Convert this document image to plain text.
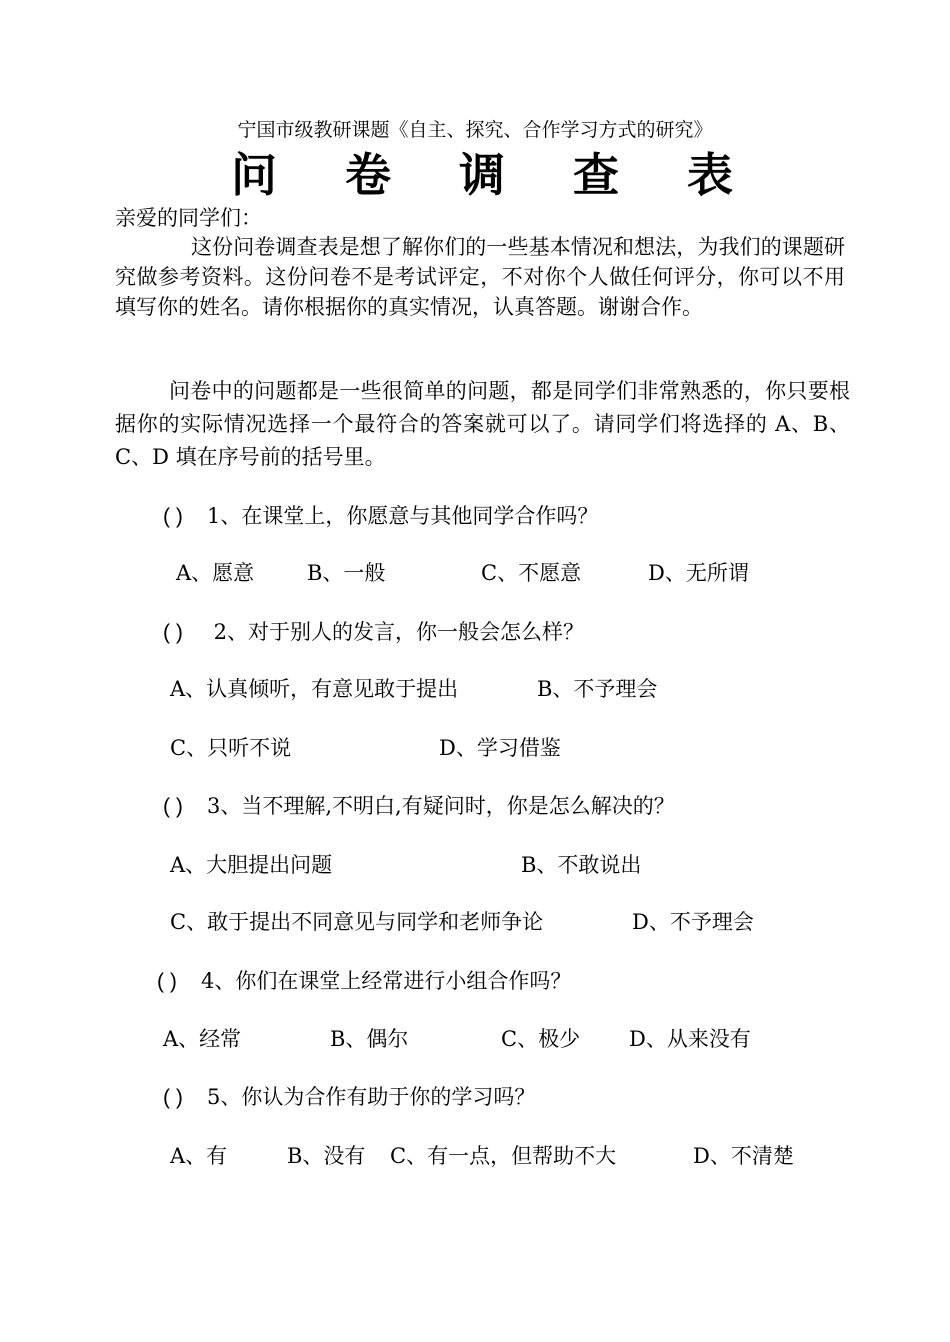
宁国市级教研课题《自主、探究、合作学习方式的研究》
问 卷 调 查 表
亲爱的同学们：
这份问卷调查表是想了解你们的一些基本情况和想法，为我们的课题研究做参考资料。这份问卷不是考试评定，不对你个人做任何评分，你可以不用填写你的姓名。请你根据你的真实情况，认真答题。谢谢合作。
问卷中的问题都是一些很简单的问题，都是同学们非常熟悉的，你只要根据你的实际情况选择一个最符合的答案就可以了。请同学们将选择的 A、B、C、D 填在序号前的括号里。
( ) 1、在课堂上，你愿意与其他同学合作吗？
A、愿意	B、一般	C、不愿意	D、无所谓
( ) 2、对于别人的发言，你一般会怎么样？
A、认真倾听，有意见敢于提出	B、不予理会
C、只听不说	D、学习借鉴
( ) 3、当不理解,不明白,有疑问时，你是怎么解决的？
A、大胆提出问题	B、不敢说出
C、敢于提出不同意见与同学和老师争论	D、不予理会
( ) 4、你们在课堂上经常进行小组合作吗？
A、经常	B、偶尔	C、极少 D、从来没有
( ) 5、你认为合作有助于你的学习吗？
A、有	B、没有 C、有一点，但帮助不大	D、不清楚
